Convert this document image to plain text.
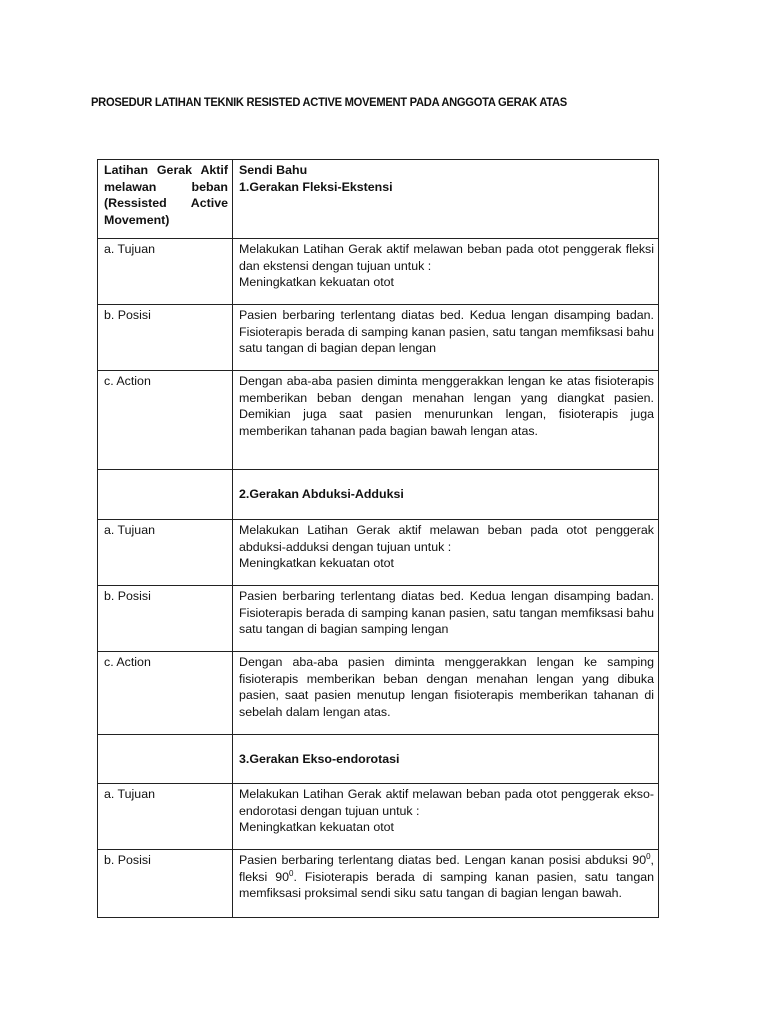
PROSEDUR LATIHAN TEKNIK RESISTED ACTIVE MOVEMENT PADA ANGGOTA GERAK ATAS
Latihan Gerak Aktif melawan beban (Ressisted Active Movement)	Sendi Bahu
1.Gerakan Fleksi-Ekstensi

a. Tujuan	Melakukan Latihan Gerak aktif melawan beban pada otot penggerak fleksi dan ekstensi dengan tujuan untuk :
Meningkatkan kekuatan otot

b. Posisi	Pasien berbaring terlentang diatas bed. Kedua lengan disamping badan. Fisioterapis berada di samping kanan pasien, satu tangan memfiksasi bahu satu tangan di bagian depan lengan
c. Action	Dengan aba-aba pasien diminta menggerakkan lengan ke atas fisioterapis memberikan beban dengan menahan lengan yang diangkat pasien. Demikian juga saat pasien menurunkan lengan, fisioterapis juga memberikan tahanan pada bagian bawah lengan atas.
	2.Gerakan Abduksi-Adduksi
a. Tujuan	Melakukan Latihan Gerak aktif melawan beban pada otot penggerak abduksi-adduksi dengan tujuan untuk :
Meningkatkan kekuatan otot

b. Posisi	Pasien berbaring terlentang diatas bed. Kedua lengan disamping badan. Fisioterapis berada di samping kanan pasien, satu tangan memfiksasi bahu satu tangan di bagian samping lengan
c. Action	Dengan aba-aba pasien diminta menggerakkan lengan ke samping fisioterapis memberikan beban dengan menahan lengan yang dibuka pasien, saat pasien menutup lengan fisioterapis memberikan tahanan di sebelah dalam lengan atas.
	3.Gerakan Ekso-endorotasi
a. Tujuan	Melakukan Latihan Gerak aktif melawan beban pada otot penggerak ekso-endorotasi dengan tujuan untuk :
Meningkatkan kekuatan otot

b. Posisi	Pasien berbaring terlentang diatas bed. Lengan kanan posisi abduksi $90^0$, fleksi $90^0$. Fisioterapis berada di samping kanan pasien, satu tangan memfiksasi proksimal sendi siku satu tangan di bagian lengan bawah.
